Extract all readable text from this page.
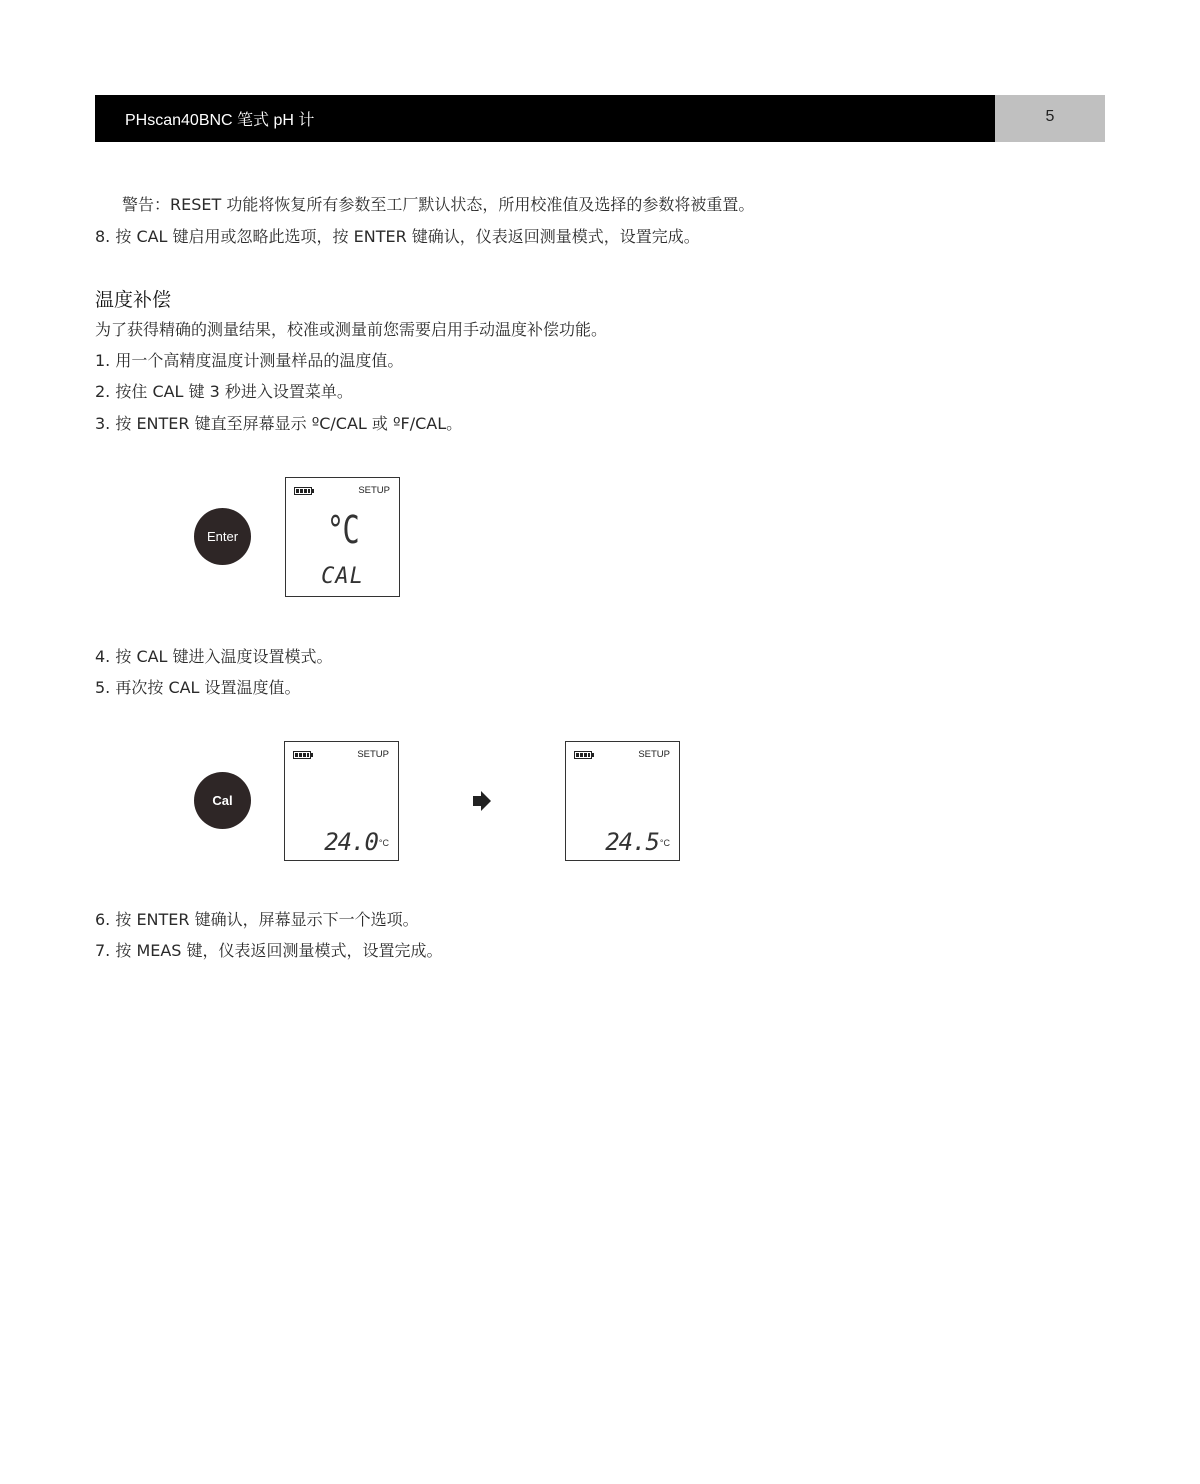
PHscan40BNC 笔式 pH 计	5
警告：RESET 功能将恢复所有参数至工厂默认状态，所用校准值及选择的参数将被重置。
8. 按 CAL 键启用或忽略此选项，按 ENTER 键确认，仪表返回测量模式，设置完成。
温度补偿
为了获得精确的测量结果，校准或测量前您需要启用手动温度补偿功能。
1. 用一个高精度温度计测量样品的温度值。
2. 按住 CAL 键 3 秒进入设置菜单。
3. 按 ENTER 键直至屏幕显示 ºC/CAL 或 ºF/CAL。
Enter
SETUP
°C
CAL
4. 按 CAL 键进入温度设置模式。
5. 再次按 CAL 设置温度值。
Cal
SETUP
24.0 °C
SETUP
24.5 °C
6. 按 ENTER 键确认，屏幕显示下一个选项。
7. 按 MEAS 键，仪表返回测量模式，设置完成。
